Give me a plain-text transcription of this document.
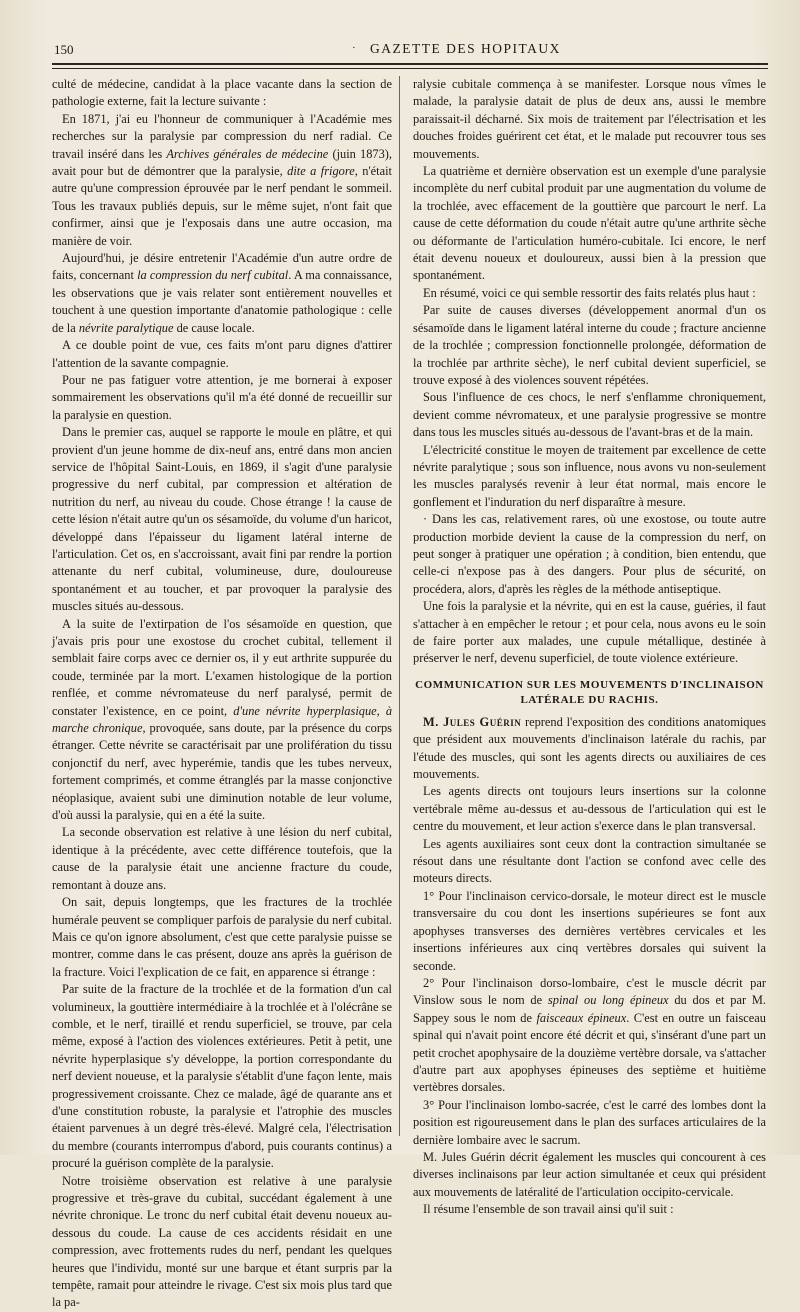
150	· GAZETTE DES HOPITAUX

culté de médecine, candidat à la place vacante dans la section de pathologie externe, fait la lecture suivante :

En 1871, j'ai eu l'honneur de communiquer à l'Académie mes recherches sur la paralysie par compression du nerf radial. Ce travail inséré dans les Archives générales de médecine (juin 1873), avait pour but de démontrer que la paralysie, dite a frigore, n'était autre qu'une compression éprouvée par le nerf pendant le sommeil. Tous les travaux publiés depuis, sur le même sujet, n'ont fait que confirmer, ainsi que je l'exposais dans une autre occasion, ma manière de voir.

Aujourd'hui, je désire entretenir l'Académie d'un autre ordre de faits, concernant la compression du nerf cubital. A ma connaissance, les observations que je vais relater sont entièrement nouvelles et touchent à une question importante d'anatomie pathologique : celle de la névrite paralytique de cause locale.

A ce double point de vue, ces faits m'ont paru dignes d'attirer l'attention de la savante compagnie.

Pour ne pas fatiguer votre attention, je me bornerai à exposer sommairement les observations qu'il m'a été donné de recueillir sur la paralysie en question.

Dans le premier cas, auquel se rapporte le moule en plâtre, et qui provient d'un jeune homme de dix-neuf ans, entré dans mon ancien service de l'hôpital Saint-Louis, en 1869, il s'agit d'une paralysie progressive du nerf cubital, par compression et altération de nutrition du nerf, au niveau du coude. Chose étrange ! la cause de cette lésion n'était autre qu'un os sésamoïde, du volume d'un haricot, développé dans l'épaisseur du ligament latéral interne de l'articulation. Cet os, en s'accroissant, avait fini par rendre la portion attenante du nerf cubital, volumineuse, dure, douloureuse spontanément et au toucher, et par provoquer la paralysie des muscles situés au-dessous.

A la suite de l'extirpation de l'os sésamoïde en question, que j'avais pris pour une exostose du crochet cubital, tellement il semblait faire corps avec ce dernier os, il y eut arthrite suppurée du coude, terminée par la mort. L'examen histologique de la portion renflée, et comme névromateuse du nerf paralysé, permit de constater l'existence, en ce point, d'une névrite hyperplasique, à marche chronique, provoquée, sans doute, par la présence du corps étranger. Cette névrite se caractérisait par une prolifération du tissu conjonctif du nerf, avec hyperémie, tandis que les tubes nerveux, fortement comprimés, et comme étranglés par la masse conjonctive néoplasique, avaient subi une diminution notable de leur volume, d'où aussi la paralysie, qui en a été la suite.

La seconde observation est relative à une lésion du nerf cubital, identique à la précédente, avec cette différence toutefois, que la cause de la paralysie était une ancienne fracture du coude, remontant à douze ans.

On sait, depuis longtemps, que les fractures de la trochlée humérale peuvent se compliquer parfois de paralysie du nerf cubital. Mais ce qu'on ignore absolument, c'est que cette paralysie puisse se montrer, comme dans le cas présent, douze ans après la guérison de la fracture. Voici l'explication de ce fait, en apparence si étrange :

Par suite de la fracture de la trochlée et de la formation d'un cal volumineux, la gouttière intermédiaire à la trochlée et à l'olécrâne se comble, et le nerf, tiraillé et rendu superficiel, se trouve, par cela même, exposé à l'action des violences extérieures. Petit à petit, une névrite hyperplasique s'y développe, la portion correspondante du nerf devient noueuse, et la paralysie s'établit d'une façon lente, mais progressivement croissante. Chez ce malade, âgé de quarante ans et d'une constitution robuste, la paralysie et l'atrophie des muscles étaient parvenues à un degré très-élevé. Malgré cela, l'électrisation du membre (courants interrompus d'abord, puis courants continus) a procuré la guérison complète de la paralysie.

Notre troisième observation est relative à une paralysie progressive et très-grave du cubital, succédant également à une névrite chronique. Le tronc du nerf cubital était devenu noueux au-dessous du coude. La cause de ces accidents résidait en une compression, avec frottements rudes du nerf, pendant les quelques heures que l'individu, monté sur une barque et étant surpris par la tempête, ramait pour atteindre le rivage. C'est six mois plus tard que la pa-

ralysie cubitale commença à se manifester. Lorsque nous vîmes le malade, la paralysie datait de plus de deux ans, aussi le membre paraissait-il décharné. Six mois de traitement par l'électrisation et les douches froides guérirent cet état, et le malade put recouvrer tous ses mouvements.

La quatrième et dernière observation est un exemple d'une paralysie incomplète du nerf cubital produit par une augmentation du volume de la trochlée, avec effacement de la gouttière que parcourt le nerf. La cause de cette déformation du coude n'était autre qu'une arthrite sèche ou déformante de l'articulation huméro-cubitale. Ici encore, le nerf était devenu noueux et douloureux, aussi bien à la pression que spontanément.

En résumé, voici ce qui semble ressortir des faits relatés plus haut :

Par suite de causes diverses (développement anormal d'un os sésamoïde dans le ligament latéral interne du coude ; fracture ancienne de la trochlée ; compression fonctionnelle prolongée, déformation de la trochlée par arthrite sèche), le nerf cubital devient superficiel, se trouve exposé à des violences souvent répétées.

Sous l'influence de ces chocs, le nerf s'enflamme chroniquement, devient comme névromateux, et une paralysie progressive se montre dans tous les muscles situés au-dessous de l'avant-bras et de la main.

L'électricité constitue le moyen de traitement par excellence de cette névrite paralytique ; sous son influence, nous avons vu non-seulement les muscles paralysés revenir à leur état normal, mais encore le gonflement et l'induration du nerf disparaître à mesure.

· Dans les cas, relativement rares, où une exostose, ou toute autre production morbide devient la cause de la compression du nerf, on peut songer à pratiquer une opération ; à condition, bien entendu, que celle-ci n'expose pas à des dangers. Pour plus de sécurité, on procédera, alors, d'après les règles de la méthode antiseptique.

Une fois la paralysie et la névrite, qui en est la cause, guéries, il faut s'attacher à en empêcher le retour ; et pour cela, nous avons eu le soin de faire porter aux malades, une cupule métallique, destinée à préserver le nerf, devenu superficiel, de toute violence extérieure.

COMMUNICATION SUR LES MOUVEMENTS D'INCLINAISON LATÉRALE DU RACHIS.

M. Jules Guérin reprend l'exposition des conditions anatomiques que président aux mouvements d'inclinaison latérale du rachis, par l'étude des muscles, qui sont les agents directs ou auxiliaires de ces mouvements.

Les agents directs ont toujours leurs insertions sur la colonne vertébrale même au-dessus et au-dessous de l'articulation qui est le centre du mouvement, et leur action s'exerce dans le plan transversal.

Les agents auxiliaires sont ceux dont la contraction simultanée se résout dans une résultante dont l'action se confond avec celle des moteurs directs.

1° Pour l'inclinaison cervico-dorsale, le moteur direct est le muscle transversaire du cou dont les insertions supérieures se font aux apophyses transverses des dernières vertèbres cervicales et les insertions inférieures aux cinq vertèbres dorsales qui suivent la seconde.

2° Pour l'inclinaison dorso-lombaire, c'est le muscle décrit par Vinslow sous le nom de spinal ou long épineux du dos et par M. Sappey sous le nom de faisceaux épineux. C'est en outre un faisceau spinal qui n'avait point encore été décrit et qui, s'insérant d'une part un petit crochet apophysaire de la douzième vertèbre dorsale, va s'attacher d'autre part aux apophyses épineuses des septième et huitième vertèbres dorsales.

3° Pour l'inclinaison lombo-sacrée, c'est le carré des lombes dont la position est rigoureusement dans le plan des surfaces articulaires de la dernière lombaire avec le sacrum.

M. Jules Guérin décrit également les muscles qui concourent à ces diverses inclinaisons par leur action simultanée et ceux qui président aux mouvements de latéralité de l'articulation occipito-cervicale.

Il résume l'ensemble de son travail ainsi qu'il suit :
